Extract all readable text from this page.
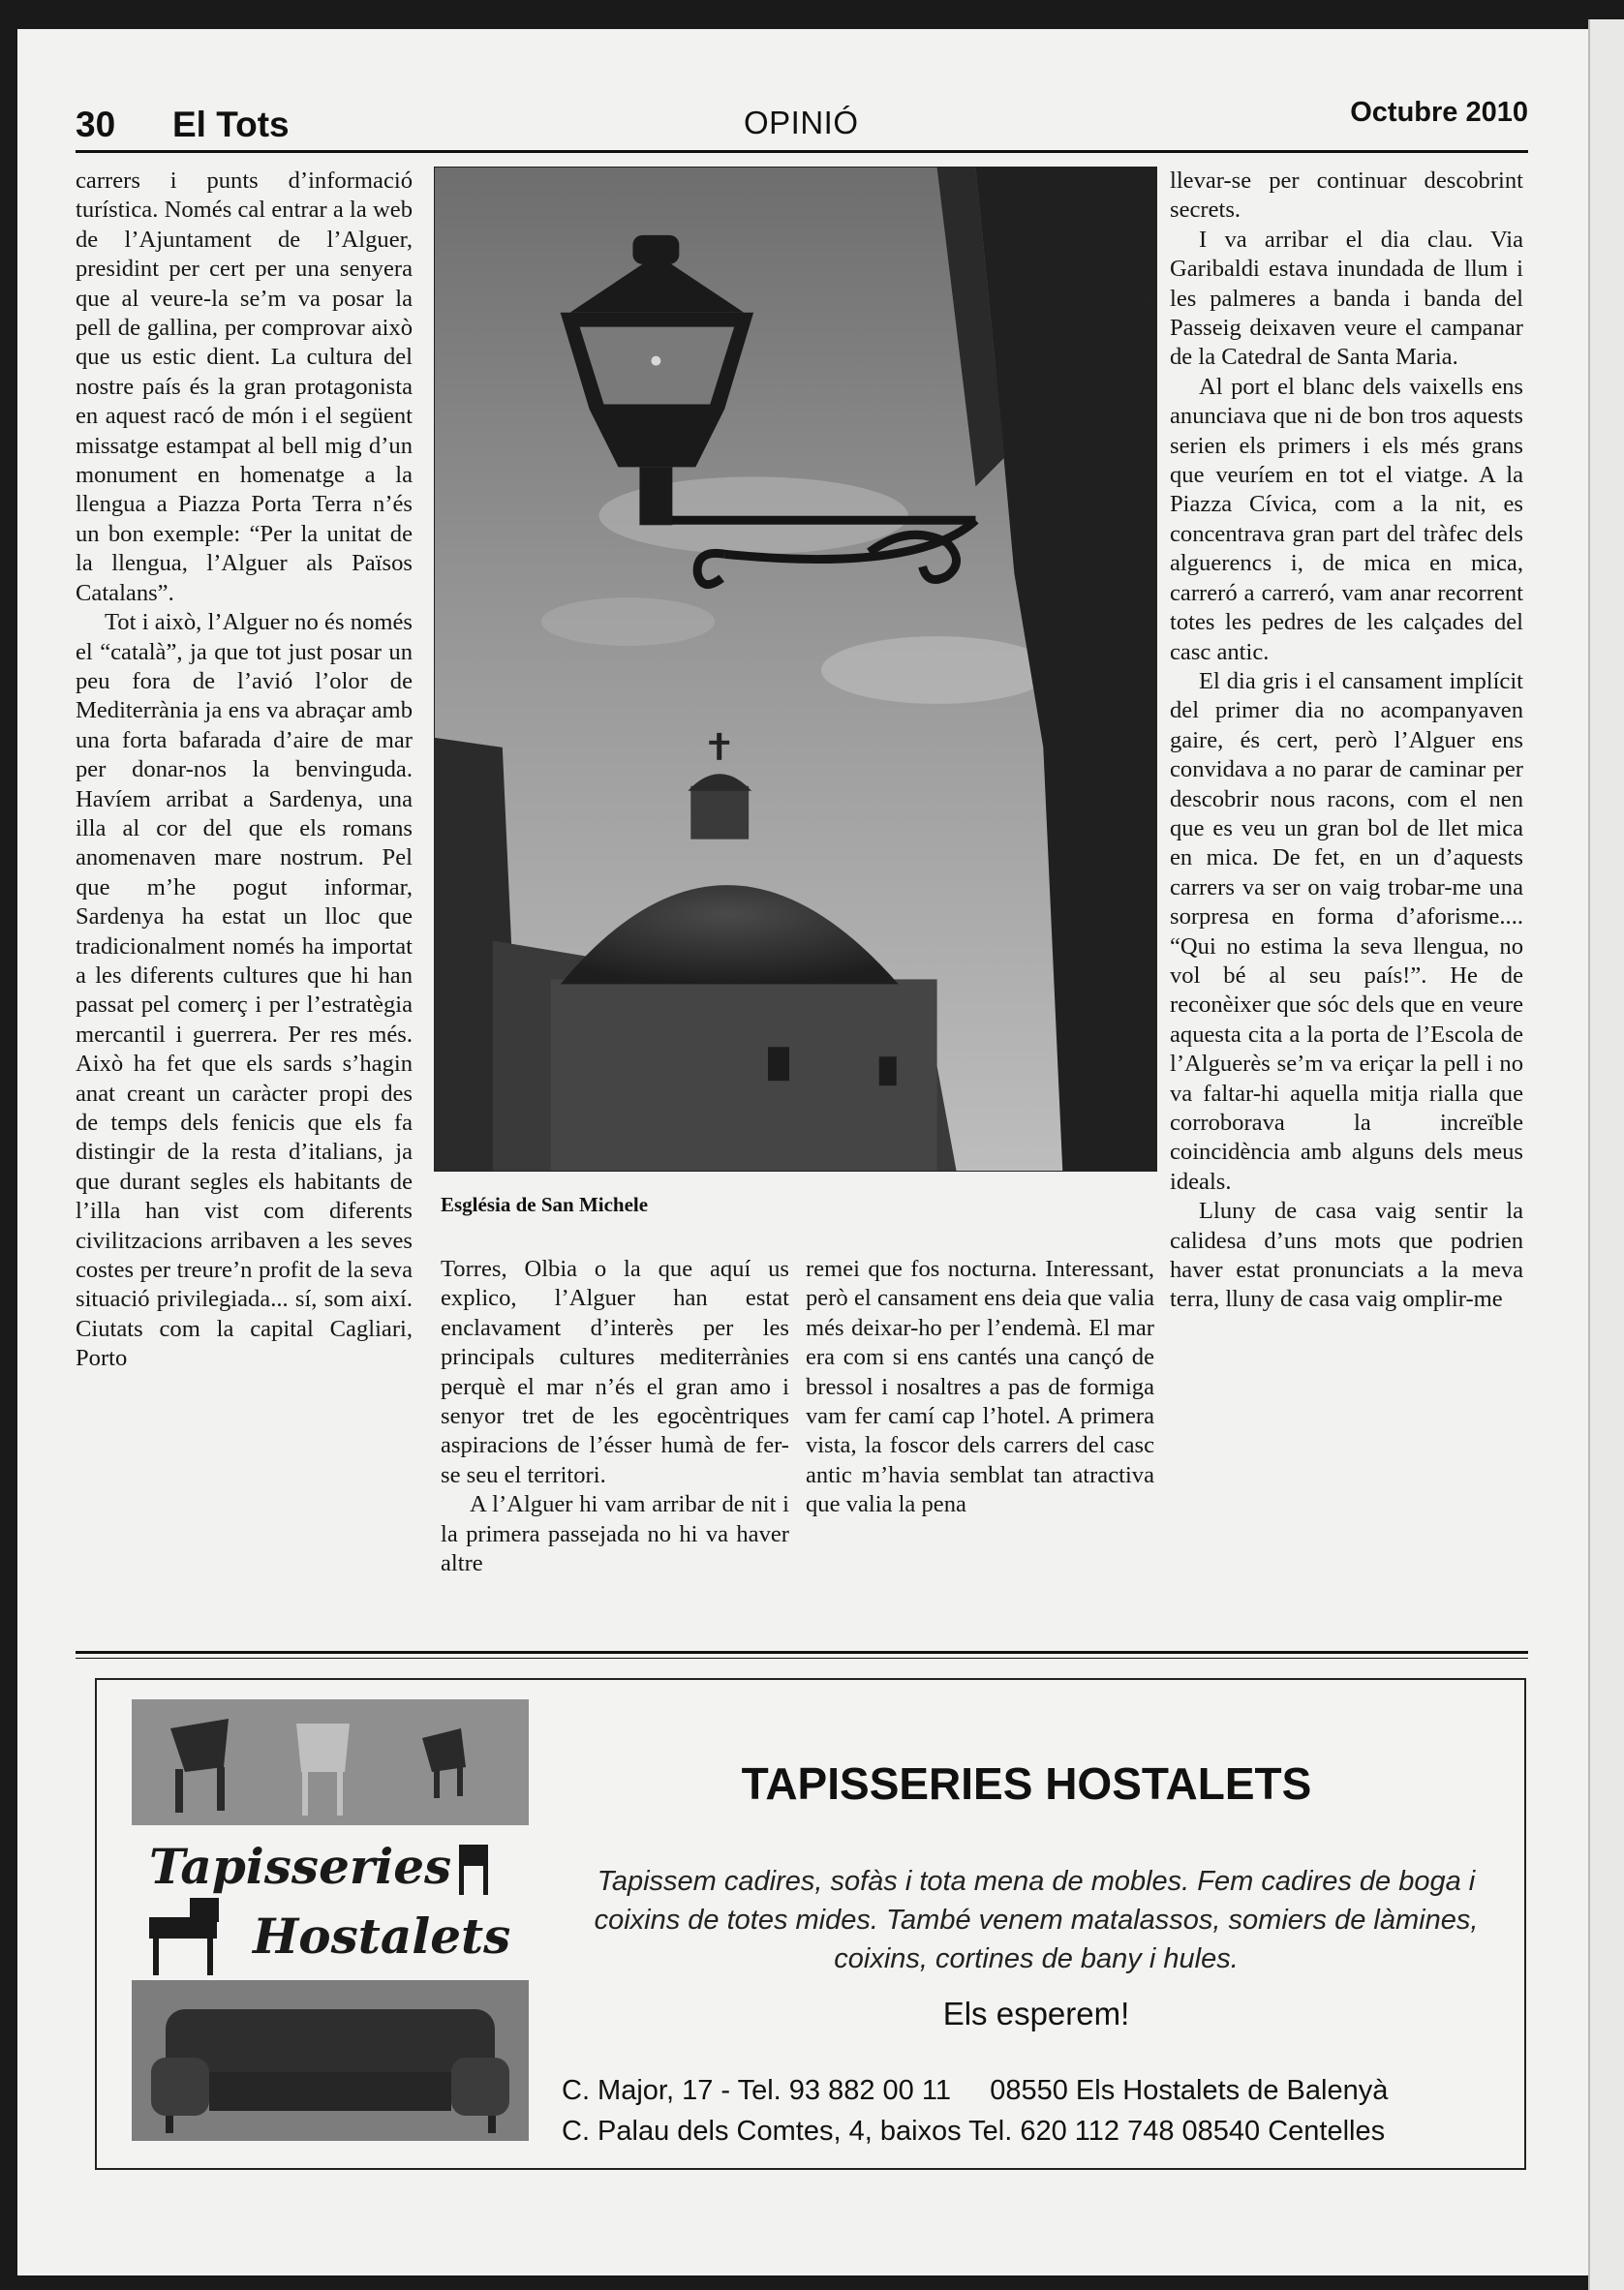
30 El Tots	OPINIÓ	Octubre 2010

carrers i punts d’informació turística. Només cal entrar a la web de l’Ajuntament de l’Alguer, presidint per cert per una senyera que al veure-la se’m va posar la pell de gallina, per comprovar això que us estic dient. La cultura del nostre país és la gran protagonista en aquest racó de món i el següent missatge estampat al bell mig d’un monument en homenatge a la llengua a Piazza Porta Terra n’és un bon exemple: “Per la unitat de la llengua, l’Alguer als Països Catalans”.

Tot i això, l’Alguer no és només el “català”, ja que tot just posar un peu fora de l’avió l’olor de Mediterrània ja ens va abraçar amb una forta bafarada d’aire de mar per donar-nos la benvinguda. Havíem arribat a Sardenya, una illa al cor del que els romans anomenaven mare nostrum. Pel que m’he pogut informar, Sardenya ha estat un lloc que tradicionalment només ha importat a les diferents cultures que hi han passat pel comerç i per l’estratègia mercantil i guerrera. Per res més. Això ha fet que els sards s’hagin anat creant un caràcter propi des de temps dels fenicis que els fa distingir de la resta d’italians, ja que durant segles els habitants de l’illa han vist com diferents civilitzacions arribaven a les seves costes per treure’n profit de la seva situació privilegiada... sí, som així. Ciutats com la capital Cagliari, Porto

BERTA BALIU
Església de San Michele

Torres, Olbia o la que aquí us explico, l’Alguer han estat enclavament d’interès per les principals cultures mediterrànies perquè el mar n’és el gran amo i senyor tret de les egocèntriques aspiracions de l’ésser humà de fer-se seu el territori.

A l’Alguer hi vam arribar de nit i la primera passejada no hi va haver altre

remei que fos nocturna. Interessant, però el cansament ens deia que valia més deixar-ho per l’endemà. El mar era com si ens cantés una cançó de bressol i nosaltres a pas de formiga vam fer camí cap l’hotel. A primera vista, la foscor dels carrers del casc antic m’havia semblat tan atractiva que valia la pena

llevar-se per continuar descobrint secrets.

I va arribar el dia clau. Via Garibaldi estava inundada de llum i les palmeres a banda i banda del Passeig deixaven veure el campanar de la Catedral de Santa Maria.

Al port el blanc dels vaixells ens anunciava que ni de bon tros aquests serien els primers i els més grans que veuríem en tot el viatge. A la Piazza Cívica, com a la nit, es concentrava gran part del tràfec dels alguerencs i, de mica en mica, carreró a carreró, vam anar recorrent totes les pedres de les calçades del casc antic.

El dia gris i el cansament implícit del primer dia no acompanyaven gaire, és cert, però l’Alguer ens convidava a no parar de caminar per descobrir nous racons, com el nen que es veu un gran bol de llet mica en mica. De fet, en un d’aquests carrers va ser on vaig trobar-me una sorpresa en forma d’aforisme.... “Qui no estima la seva llengua, no vol bé al seu país!”. He de reconèixer que sóc dels que en veure aquesta cita a la porta de l’Escola de l’Alguerès se’m va eriçar la pell i no va faltar-hi aquella mitja rialla que corroborava la increïble coincidència amb alguns dels meus ideals.

Lluny de casa vaig sentir la calidesa d’uns mots que podrien haver estat pronunciats a la meva terra, lluny de casa vaig omplir-me

Tapisseries
Hostalets
TAPISSERIES HOSTALETS
Tapissem cadires, sofàs i tota mena de mobles. Fem cadires de boga i coixins de totes mides. També venem matalassos, somiers de làmines, coixins, cortines de bany i hules.
Els esperem!
C. Major, 17 - Tel. 93 882 00 11     08550 Els Hostalets de Balenyà
C. Palau dels Comtes, 4, baixos Tel. 620 112 748 08540 Centelles
